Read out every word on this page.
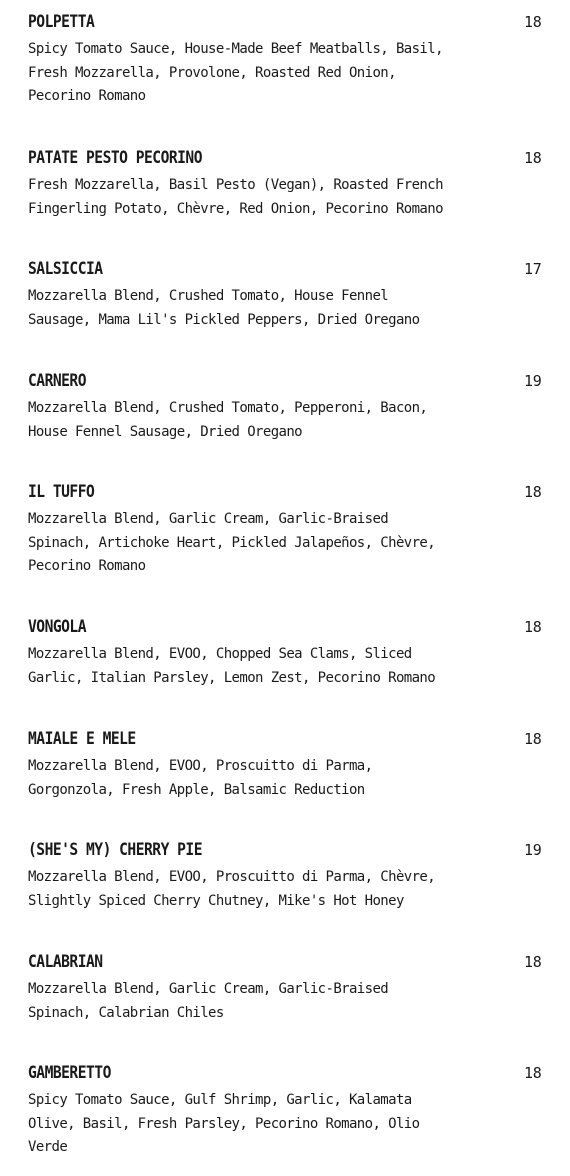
POLPETTA	18
Spicy Tomato Sauce, House-Made Beef Meatballs, Basil,
Fresh Mozzarella, Provolone, Roasted Red Onion,
Pecorino Romano
PATATE PESTO PECORINO	18
Fresh Mozzarella, Basil Pesto (Vegan), Roasted French
Fingerling Potato, Chèvre, Red Onion, Pecorino Romano
SALSICCIA	17
Mozzarella Blend, Crushed Tomato, House Fennel
Sausage, Mama Lil's Pickled Peppers, Dried Oregano
CARNERO	19
Mozzarella Blend, Crushed Tomato, Pepperoni, Bacon,
House Fennel Sausage, Dried Oregano
IL TUFFO	18
Mozzarella Blend, Garlic Cream, Garlic-Braised
Spinach, Artichoke Heart, Pickled Jalapeños, Chèvre,
Pecorino Romano
VONGOLA	18
Mozzarella Blend, EVOO, Chopped Sea Clams, Sliced
Garlic, Italian Parsley, Lemon Zest, Pecorino Romano
MAIALE E MELE	18
Mozzarella Blend, EVOO, Proscuitto di Parma,
Gorgonzola, Fresh Apple, Balsamic Reduction
(SHE'S MY) CHERRY PIE	19
Mozzarella Blend, EVOO, Proscuitto di Parma, Chèvre,
Slightly Spiced Cherry Chutney, Mike's Hot Honey
CALABRIAN	18
Mozzarella Blend, Garlic Cream, Garlic-Braised
Spinach, Calabrian Chiles
GAMBERETTO	18
Spicy Tomato Sauce, Gulf Shrimp, Garlic, Kalamata
Olive, Basil, Fresh Parsley, Pecorino Romano, Olio
Verde
